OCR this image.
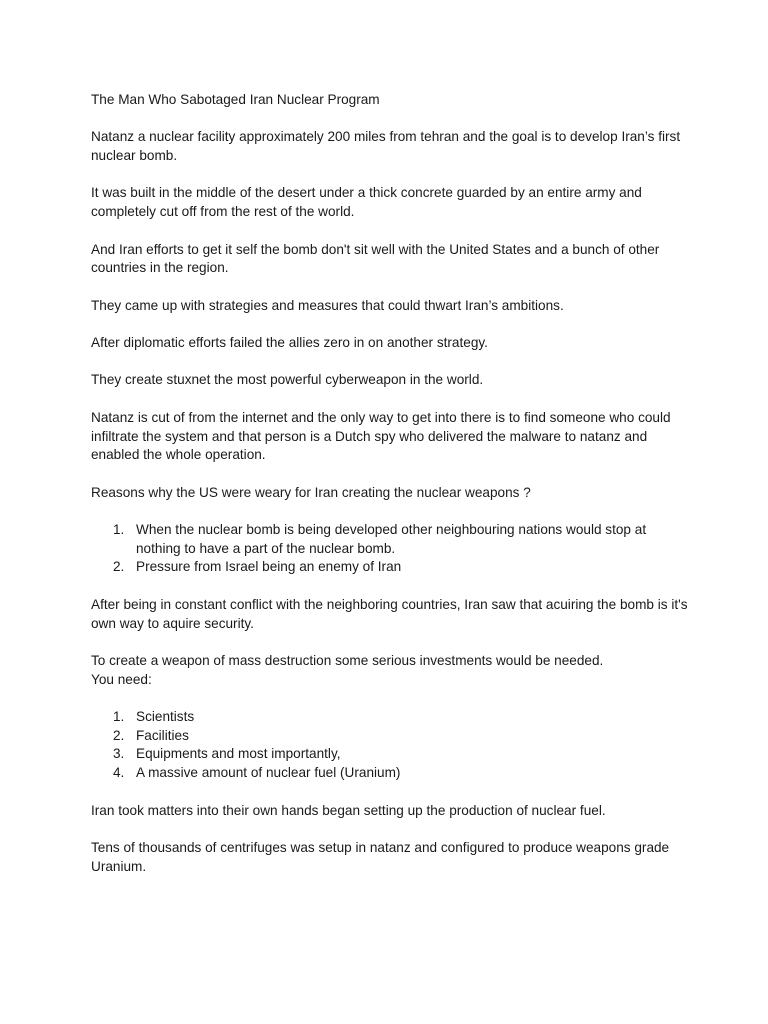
The Man Who Sabotaged Iran Nuclear Program

Natanz a nuclear facility approximately 200 miles from tehran and the goal is to develop Iran’s first nuclear bomb.

It was built in the middle of the desert under a thick concrete guarded by an entire army and completely cut off from the rest of the world.

And Iran efforts to get it self the bomb don't sit well with the United States and a bunch of other countries in the region.

They came up with strategies and measures that could thwart Iran’s ambitions.

After diplomatic efforts failed the allies zero in on another strategy.

They create stuxnet the most powerful cyberweapon in the world.

Natanz is cut of from the internet and the only way to get into there is to find someone who could infiltrate the system and that person is a Dutch spy who delivered the malware to natanz and enabled the whole operation.

Reasons why the US were weary for Iran creating the nuclear weapons ?

1. When the nuclear bomb is being developed other neighbouring nations would stop at nothing to have a part of the nuclear bomb.
2. Pressure from Israel being an enemy of Iran

After being in constant conflict with the neighboring countries, Iran saw that acuiring the bomb is it's own way to aquire security.

To create a weapon of mass destruction some serious investments would be needed.

You need:

1. Scientists
2. Facilities
3. Equipments and most importantly,
4. A massive amount of nuclear fuel (Uranium)

Iran took matters into their own hands began setting up the production of nuclear fuel.

Tens of thousands of centrifuges was setup in natanz and configured to produce weapons grade Uranium.
